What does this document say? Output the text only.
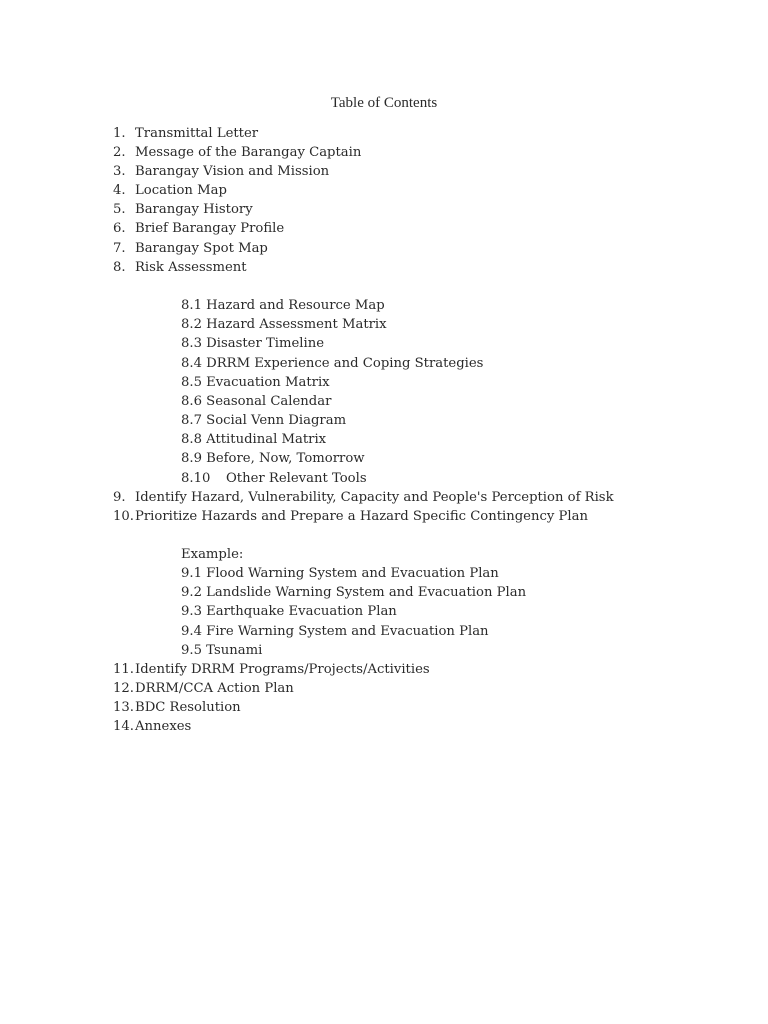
Table of Contents
1. Transmittal Letter
2. Message of the Barangay Captain
3. Barangay Vision and Mission
4. Location Map
5. Barangay History
6. Brief Barangay Profile
7. Barangay Spot Map
8. Risk Assessment
8.1 Hazard and Resource Map
8.2 Hazard Assessment Matrix
8.3 Disaster Timeline
8.4 DRRM Experience and Coping Strategies
8.5 Evacuation Matrix
8.6 Seasonal Calendar
8.7 Social Venn Diagram
8.8 Attitudinal Matrix
8.9 Before, Now, Tomorrow
8.10 Other Relevant Tools
9. Identify Hazard, Vulnerability, Capacity and People's Perception of Risk
10. Prioritize Hazards and Prepare a Hazard Specific Contingency Plan
Example:
9.1 Flood Warning System and Evacuation Plan
9.2 Landslide Warning System and Evacuation Plan
9.3 Earthquake Evacuation Plan
9.4 Fire Warning System and Evacuation Plan
9.5 Tsunami
11. Identify DRRM Programs/Projects/Activities
12. DRRM/CCA Action Plan
13. BDC Resolution
14. Annexes
